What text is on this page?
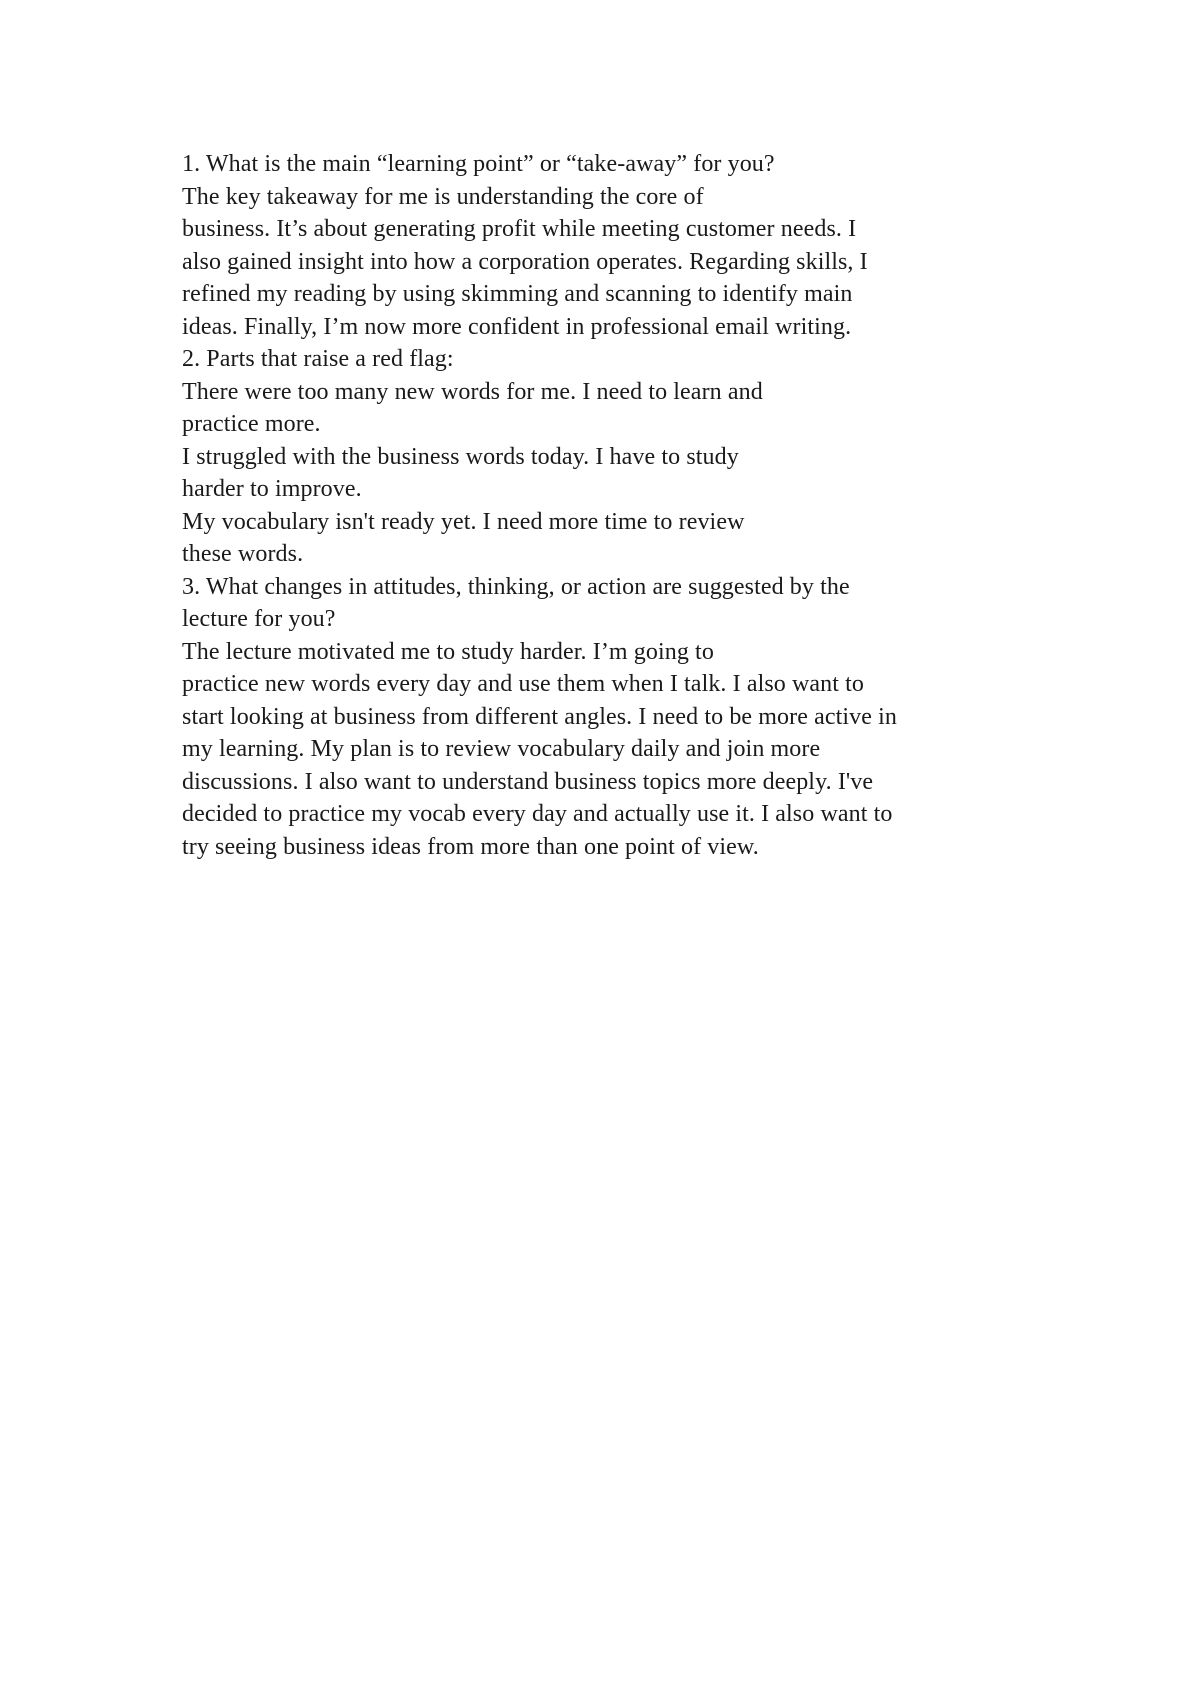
1. What is the main “learning point” or “take-away” for you?
The key takeaway for me is understanding the core of
business. It’s about generating profit while meeting customer needs. I
also gained insight into how a corporation operates. Regarding skills, I
refined my reading by using skimming and scanning to identify main
ideas. Finally, I’m now more confident in professional email writing.
2. Parts that raise a red flag:
There were too many new words for me. I need to learn and
practice more.
I struggled with the business words today. I have to study
harder to improve.
My vocabulary isn't ready yet. I need more time to review
these words.
3. What changes in attitudes, thinking, or action are suggested by the
lecture for you?
The lecture motivated me to study harder. I’m going to
practice new words every day and use them when I talk. I also want to
start looking at business from different angles. I need to be more active in
my learning. My plan is to review vocabulary daily and join more
discussions. I also want to understand business topics more deeply. I've
decided to practice my vocab every day and actually use it. I also want to
try seeing business ideas from more than one point of view.
